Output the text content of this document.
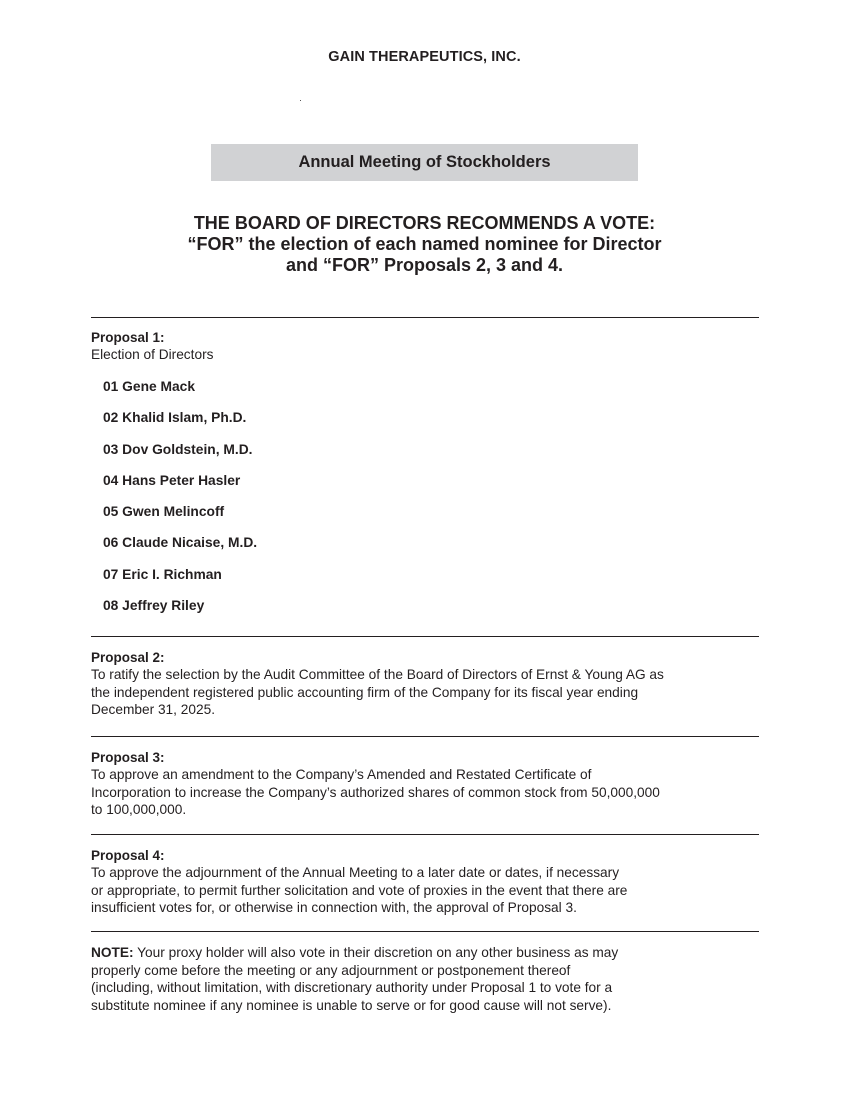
GAIN THERAPEUTICS, INC.
Annual Meeting of Stockholders
THE BOARD OF DIRECTORS RECOMMENDS A VOTE:
“FOR” the election of each named nominee for Director
and “FOR” Proposals 2, 3 and 4.
Proposal 1:
Election of Directors
01 Gene Mack
02 Khalid Islam, Ph.D.
03 Dov Goldstein, M.D.
04 Hans Peter Hasler
05 Gwen Melincoff
06 Claude Nicaise, M.D.
07 Eric I. Richman
08 Jeffrey Riley
Proposal 2:
To ratify the selection by the Audit Committee of the Board of Directors of Ernst & Young AG as
the independent registered public accounting firm of the Company for its fiscal year ending
December 31, 2025.
Proposal 3:
To approve an amendment to the Company’s Amended and Restated Certificate of
Incorporation to increase the Company’s authorized shares of common stock from 50,000,000
to 100,000,000.
Proposal 4:
To approve the adjournment of the Annual Meeting to a later date or dates, if necessary
or appropriate, to permit further solicitation and vote of proxies in the event that there are
insufficient votes for, or otherwise in connection with, the approval of Proposal 3.
NOTE: Your proxy holder will also vote in their discretion on any other business as may
properly come before the meeting or any adjournment or postponement thereof
(including, without limitation, with discretionary authority under Proposal 1 to vote for a
substitute nominee if any nominee is unable to serve or for good cause will not serve).
